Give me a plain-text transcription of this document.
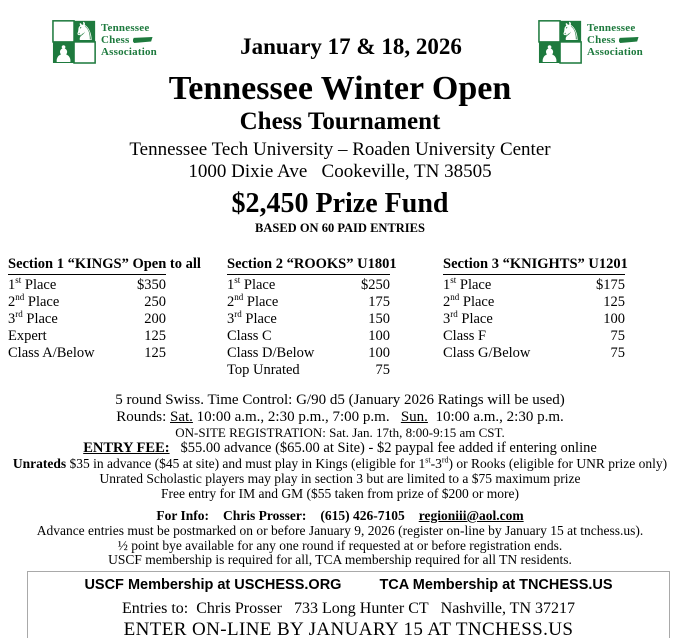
♞
♟
Tennessee
Chess
Association	January 17 & 18, 2026
♞
♟
Tennessee
Chess
Association
Tennessee Winter Open
Chess Tournament
Tennessee Tech University – Roaden University Center
1000 Dixie Ave   Cookeville, TN 38505
$2,450 Prize Fund
BASED ON 60 PAID ENTRIES
Section 1 “KINGS” Open to all
1st Place	$350
2nd Place	250
3rd Place	200
Expert	125
Class A/Below	125
Section 2 “ROOKS” U1801
1st Place	$250
2nd Place	175
3rd Place	150
Class C	100
Class D/Below	100
Top Unrated	75
Section 3 “KNIGHTS” U1201
1st Place	$175
2nd Place	125
3rd Place	100
Class F	75
Class G/Below	75
5 round Swiss. Time Control: G/90 d5 (January 2026 Ratings will be used)
Rounds: Sat. 10:00 a.m., 2:30 p.m., 7:00 p.m.   Sun.  10:00 a.m., 2:30 p.m.
ON-SITE REGISTRATION: Sat. Jan. 17th, 8:00-9:15 am CST.
ENTRY FEE:   $55.00 advance ($65.00 at Site) - $2 paypal fee added if entering online
Unrateds $35 in advance ($45 at site) and must play in Kings (eligible for 1st-3rd) or Rooks (eligible for UNR prize only)
Unrated Scholastic players may play in section 3 but are limited to a $75 maximum prize
Free entry for IM and GM ($55 taken from prize of $200 or more)
For Info: Chris Prosser: (615) 426-7105 regioniii@aol.com
Advance entries must be postmarked on or before January 9, 2026 (register on-line by January 15 at tnchess.us).
½ point bye available for any one round if requested at or before registration ends.
USCF membership is required for all, TCA membership required for all TN residents.
USCF Membership at USCHESS.ORG	TCA Membership at TNCHESS.US
Entries to:  Chris Prosser   733 Long Hunter CT   Nashville, TN 37217
ENTER ON-LINE BY JANUARY 15 AT TNCHESS.US
